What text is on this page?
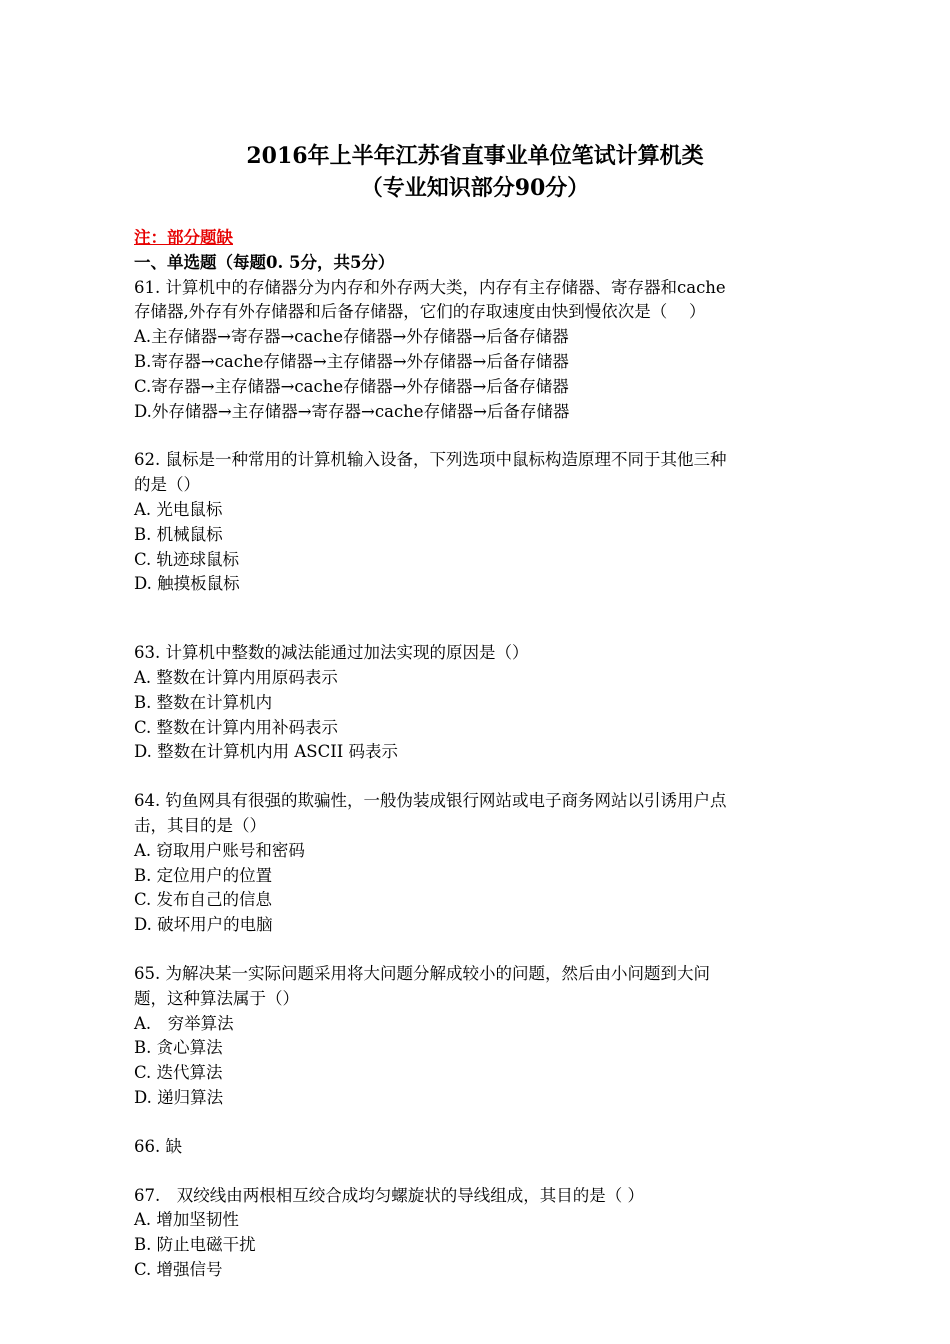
2016年上半年江苏省直事业单位笔试计算机类
（专业知识部分90分）
注：部分题缺
一、单选题（每题0. 5分，共5分）
61. 计算机中的存储器分为内存和外存两大类，内存有主存储器、寄存器和cache
存储器,外存有外存储器和后备存储器，它们的存取速度由快到慢依次是（　 ）
A.主存储器→寄存器→cache存储器→外存储器→后备存储器
B.寄存器→cache存储器→主存储器→外存储器→后备存储器
C.寄存器→主存储器→cache存储器→外存储器→后备存储器
D.外存储器→主存储器→寄存器→cache存储器→后备存储器
62. 鼠标是一种常用的计算机输入设备，下列选项中鼠标构造原理不同于其他三种
的是（）
A. 光电鼠标
B. 机械鼠标
C. 轨迹球鼠标
D. 触摸板鼠标
63. 计算机中整数的减法能通过加法实现的原因是（）
A. 整数在计算内用原码表示
B. 整数在计算机内
C. 整数在计算内用补码表示
D. 整数在计算机内用 ASCII 码表示
64. 钓鱼网具有很强的欺骗性，一般伪装成银行网站或电子商务网站以引诱用户点
击，其目的是（）
A. 窃取用户账号和密码
B. 定位用户的位置
C. 发布自己的信息
D. 破坏用户的电脑
65. 为解决某一实际问题采用将大问题分解成较小的问题，然后由小问题到大问
题，这种算法属于（）
A.　穷举算法
B. 贪心算法
C. 迭代算法
D. 递归算法
66. 缺
67.　双绞线由两根相互绞合成均匀螺旋状的导线组成，其目的是（ ）
A. 增加坚韧性
B. 防止电磁干扰
C. 增强信号
